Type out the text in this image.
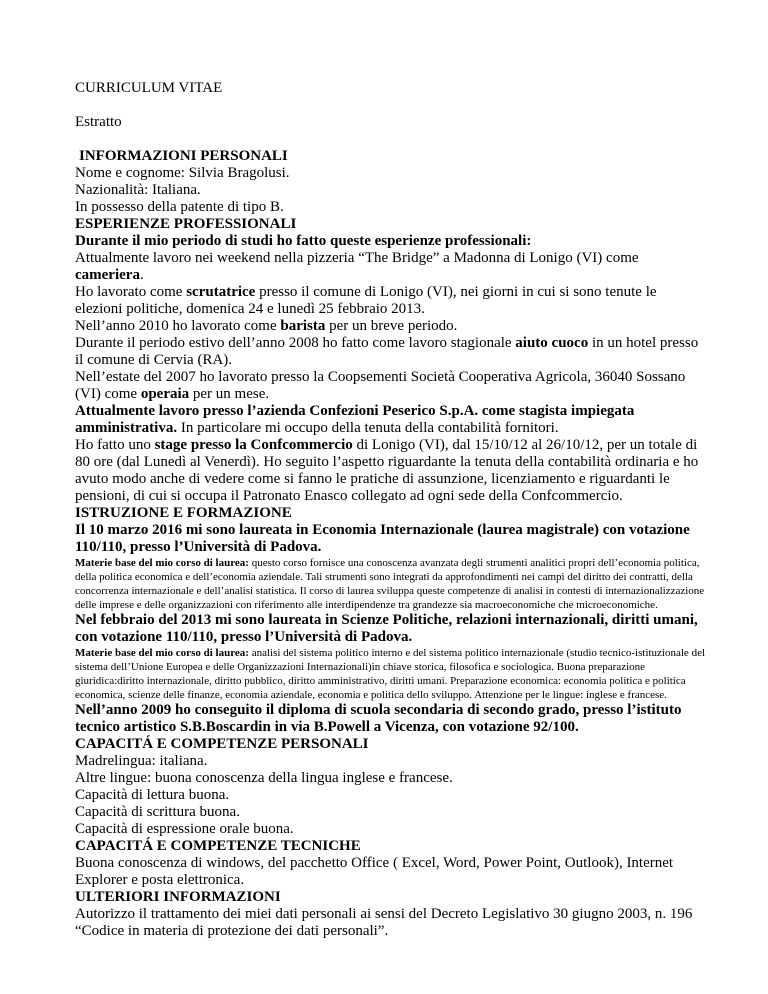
CURRICULUM VITAE

Estratto

INFORMAZIONI PERSONALI

Nome e cognome: Silvia Bragolusi.

Nazionalità: Italiana.

In possesso della patente di tipo B.

ESPERIENZE PROFESSIONALI

Durante il mio periodo di studi ho fatto queste esperienze professionali:

Attualmente lavoro nei weekend nella pizzeria “The Bridge” a Madonna di Lonigo (VI) come cameriera.

Ho lavorato come scrutatrice presso il comune di Lonigo (VI), nei giorni in cui si sono tenute le elezioni politiche, domenica 24 e lunedì 25 febbraio 2013.

Nell’anno 2010 ho lavorato come barista per un breve periodo.

Durante il periodo estivo dell’anno 2008 ho fatto come lavoro stagionale aiuto cuoco in un hotel presso il comune di Cervia (RA).

Nell’estate del 2007 ho lavorato presso la Coopsementi Società Cooperativa Agricola, 36040 Sossano (VI) come operaia per un mese.

Attualmente lavoro presso l’azienda Confezioni Peserico S.p.A. come stagista impiegata amministrativa. In particolare mi occupo della tenuta della contabilità fornitori.

Ho fatto uno stage presso la Confcommercio di Lonigo (VI), dal 15/10/12 al 26/10/12, per un totale di 80 ore (dal Lunedì al Venerdì). Ho seguito l’aspetto riguardante la tenuta della contabilità ordinaria e ho avuto modo anche di vedere come si fanno le pratiche di assunzione, licenziamento e riguardanti le pensioni, di cui si occupa il Patronato Enasco collegato ad ogni sede della Confcommercio.

ISTRUZIONE E FORMAZIONE

Il 10 marzo 2016 mi sono laureata in Economia Internazionale (laurea magistrale) con votazione 110/110, presso l’Università di Padova.

Materie base del mio corso di laurea: questo corso fornisce una conoscenza avanzata degli strumenti analitici propri dell’economia politica, della politica economica e dell’economia aziendale. Tali strumenti sono integrati da approfondimenti nei campi del diritto dei contratti, della concorrenza internazionale e dell’analisi statistica. Il corso di laurea sviluppa queste competenze di analisi in contesti di internazionalizzazione delle imprese e delle organizzazioni con riferimento alle interdipendenze tra grandezze sia macroeconomiche che microeconomiche.

Nel febbraio del 2013 mi sono laureata in Scienze Politiche, relazioni internazionali, diritti umani, con votazione 110/110, presso l’Università di Padova.

Materie base del mio corso di laurea: analisi del sistema politico interno e del sistema politico internazionale (studio tecnico-istituzionale del sistema dell’Unione Europea e delle Organizzazioni Internazionali)in chiave storica, filosofica e sociologica. Buona preparazione giuridica:diritto internazionale, diritto pubblico, diritto amministrativo, diritti umani. Preparazione economica: economia politica e politica economica, scienze delle finanze, economia aziendale, economia e politica dello sviluppo. Attenzione per le lingue: inglese e francese.

Nell’anno 2009 ho conseguito il diploma di scuola secondaria di secondo grado, presso l’istituto tecnico artistico S.B.Boscardin in via B.Powell a Vicenza, con votazione 92/100.

CAPACITÁ E COMPETENZE PERSONALI

Madrelingua: italiana.

Altre lingue: buona conoscenza della lingua inglese e francese.

Capacità di lettura buona.

Capacità di scrittura buona.

Capacità di espressione orale buona.

CAPACITÁ E COMPETENZE TECNICHE

Buona conoscenza di windows, del pacchetto Office ( Excel, Word, Power Point, Outlook), Internet Explorer e posta elettronica.

ULTERIORI INFORMAZIONI

Autorizzo il trattamento dei miei dati personali ai sensi del Decreto Legislativo 30 giugno 2003, n. 196 “Codice in materia di protezione dei dati personali”.
